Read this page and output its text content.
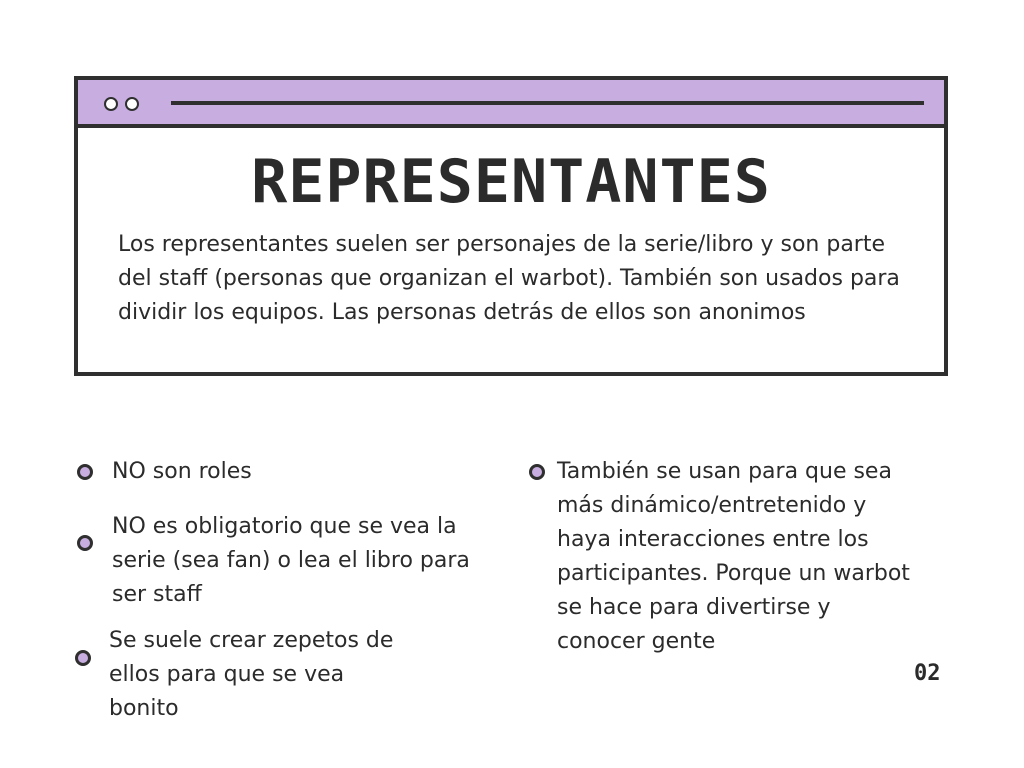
REPRESENTANTES
Los representantes suelen ser personajes de la serie/libro y son parte del staff (personas que organizan el warbot). También son usados para dividir los equipos. Las personas detrás de ellos son anonimos
NO son roles
NO es obligatorio que se vea la serie (sea fan) o lea el libro para ser staff
Se suele crear zepetos de ellos para que se vea bonito
También se usan para que sea más dinámico/entretenido y haya interacciones entre los participantes. Porque un warbot se hace para divertirse y conocer gente
02
